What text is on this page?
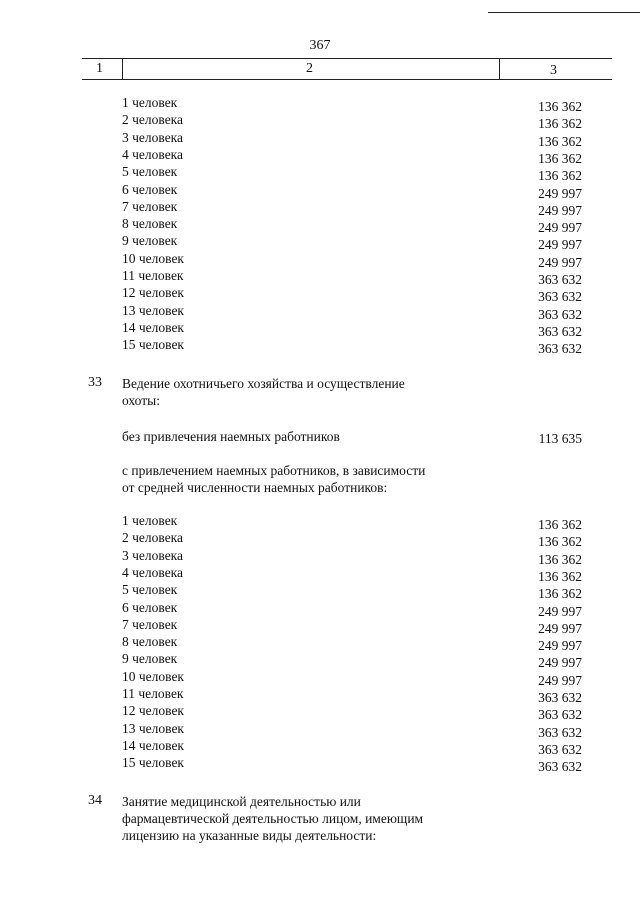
367
1	2	3
1 человек	136 362
2 человека	136 362
3 человека	136 362
4 человека	136 362
5 человек	136 362
6 человек	249 997
7 человек	249 997
8 человек	249 997
9 человек	249 997
10 человек	249 997
11 человек	363 632
12 человек	363 632
13 человек	363 632
14 человек	363 632
15 человек	363 632
33 Ведение охотничьего хозяйства и осуществление
охоты:
без привлечения наемных работников	113 635
с привлечением наемных работников, в зависимости
от средней численности наемных работников:
1 человек	136 362
2 человека	136 362
3 человека	136 362
4 человека	136 362
5 человек	136 362
6 человек	249 997
7 человек	249 997
8 человек	249 997
9 человек	249 997
10 человек	249 997
11 человек	363 632
12 человек	363 632
13 человек	363 632
14 человек	363 632
15 человек	363 632
34 Занятие медицинской деятельностью или
фармацевтической деятельностью лицом, имеющим
лицензию на указанные виды деятельности:
